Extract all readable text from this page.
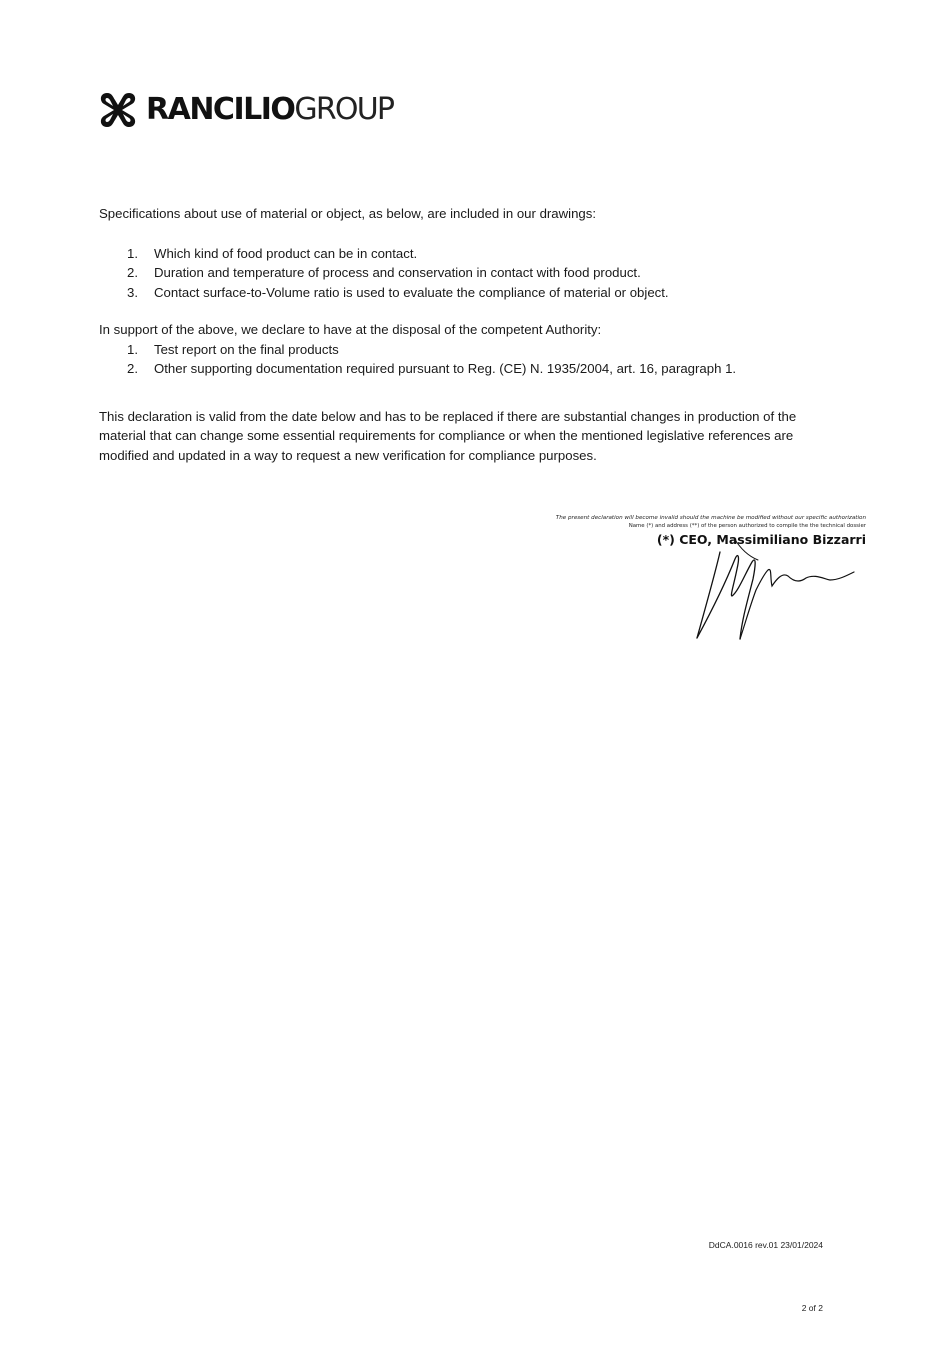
RANCILIO GROUP

Specifications about use of material or object, as below, are included in our drawings:

1. Which kind of food product can be in contact.
2. Duration and temperature of process and conservation in contact with food product.
3. Contact surface-to-Volume ratio is used to evaluate the compliance of material or object.

In support of the above, we declare to have at the disposal of the competent Authority:

1. Test report on the final products
2. Other supporting documentation required pursuant to Reg. (CE) N. 1935/2004, art. 16, paragraph 1.

This declaration is valid from the date below and has to be replaced if there are substantial changes in production of the material that can change some essential requirements for compliance or when the mentioned legislative references are modified and updated in a way to request a new verification for compliance purposes.

The present declaration will become invalid should the machine be modified without our specific authorization
Name (*) and address (**) of the person authorized to compile the the technical dossier
(*) CEO, Massimiliano Bizzarri
DdCA.0016 rev.01 23/01/2024
2 of 2
